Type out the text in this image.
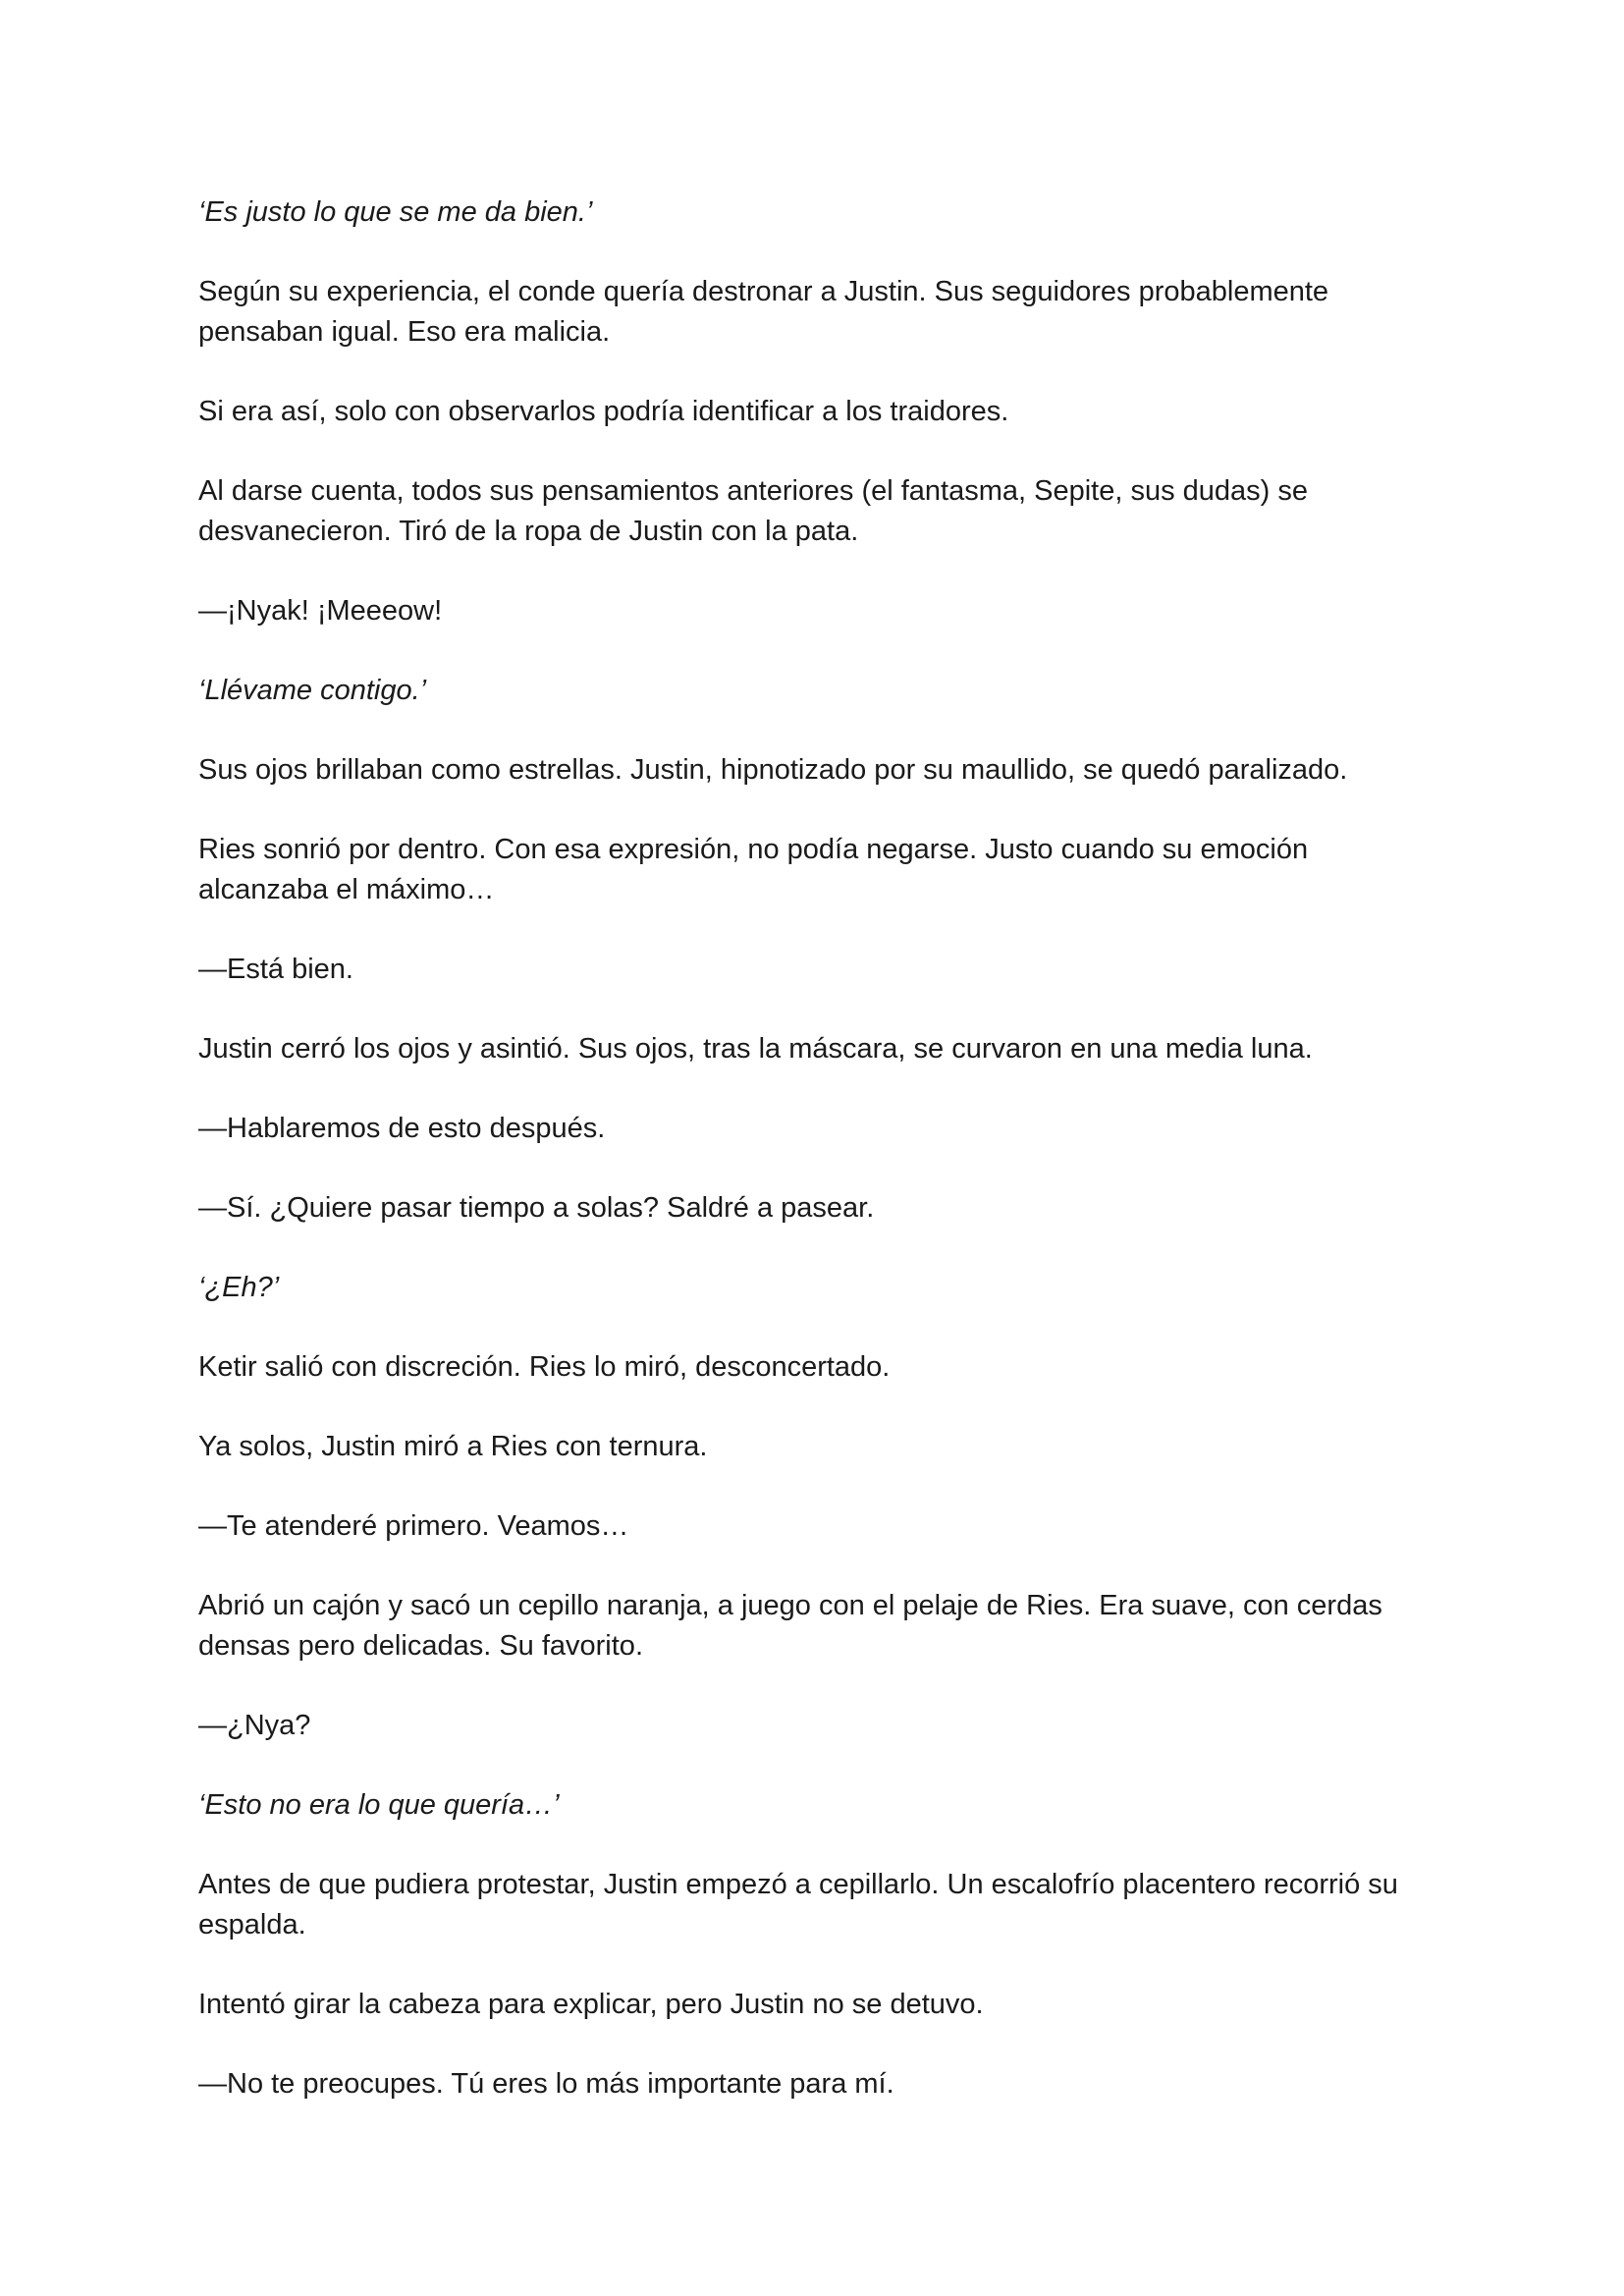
‘Es justo lo que se me da bien.’

Según su experiencia, el conde quería destronar a Justin. Sus seguidores probablemente pensaban igual. Eso era malicia.

Si era así, solo con observarlos podría identificar a los traidores.

Al darse cuenta, todos sus pensamientos anteriores (el fantasma, Sepite, sus dudas) se desvanecieron. Tiró de la ropa de Justin con la pata.

—¡Nyak! ¡Meeeow!

‘Llévame contigo.’

Sus ojos brillaban como estrellas. Justin, hipnotizado por su maullido, se quedó paralizado.

Ries sonrió por dentro. Con esa expresión, no podía negarse. Justo cuando su emoción alcanzaba el máximo…

—Está bien.

Justin cerró los ojos y asintió. Sus ojos, tras la máscara, se curvaron en una media luna.

—Hablaremos de esto después.

—Sí. ¿Quiere pasar tiempo a solas? Saldré a pasear.

‘¿Eh?’

Ketir salió con discreción. Ries lo miró, desconcertado.

Ya solos, Justin miró a Ries con ternura.

—Te atenderé primero. Veamos…

Abrió un cajón y sacó un cepillo naranja, a juego con el pelaje de Ries. Era suave, con cerdas densas pero delicadas. Su favorito.

—¿Nya?

‘Esto no era lo que quería…’

Antes de que pudiera protestar, Justin empezó a cepillarlo. Un escalofrío placentero recorrió su espalda.

Intentó girar la cabeza para explicar, pero Justin no se detuvo.

—No te preocupes. Tú eres lo más importante para mí.
